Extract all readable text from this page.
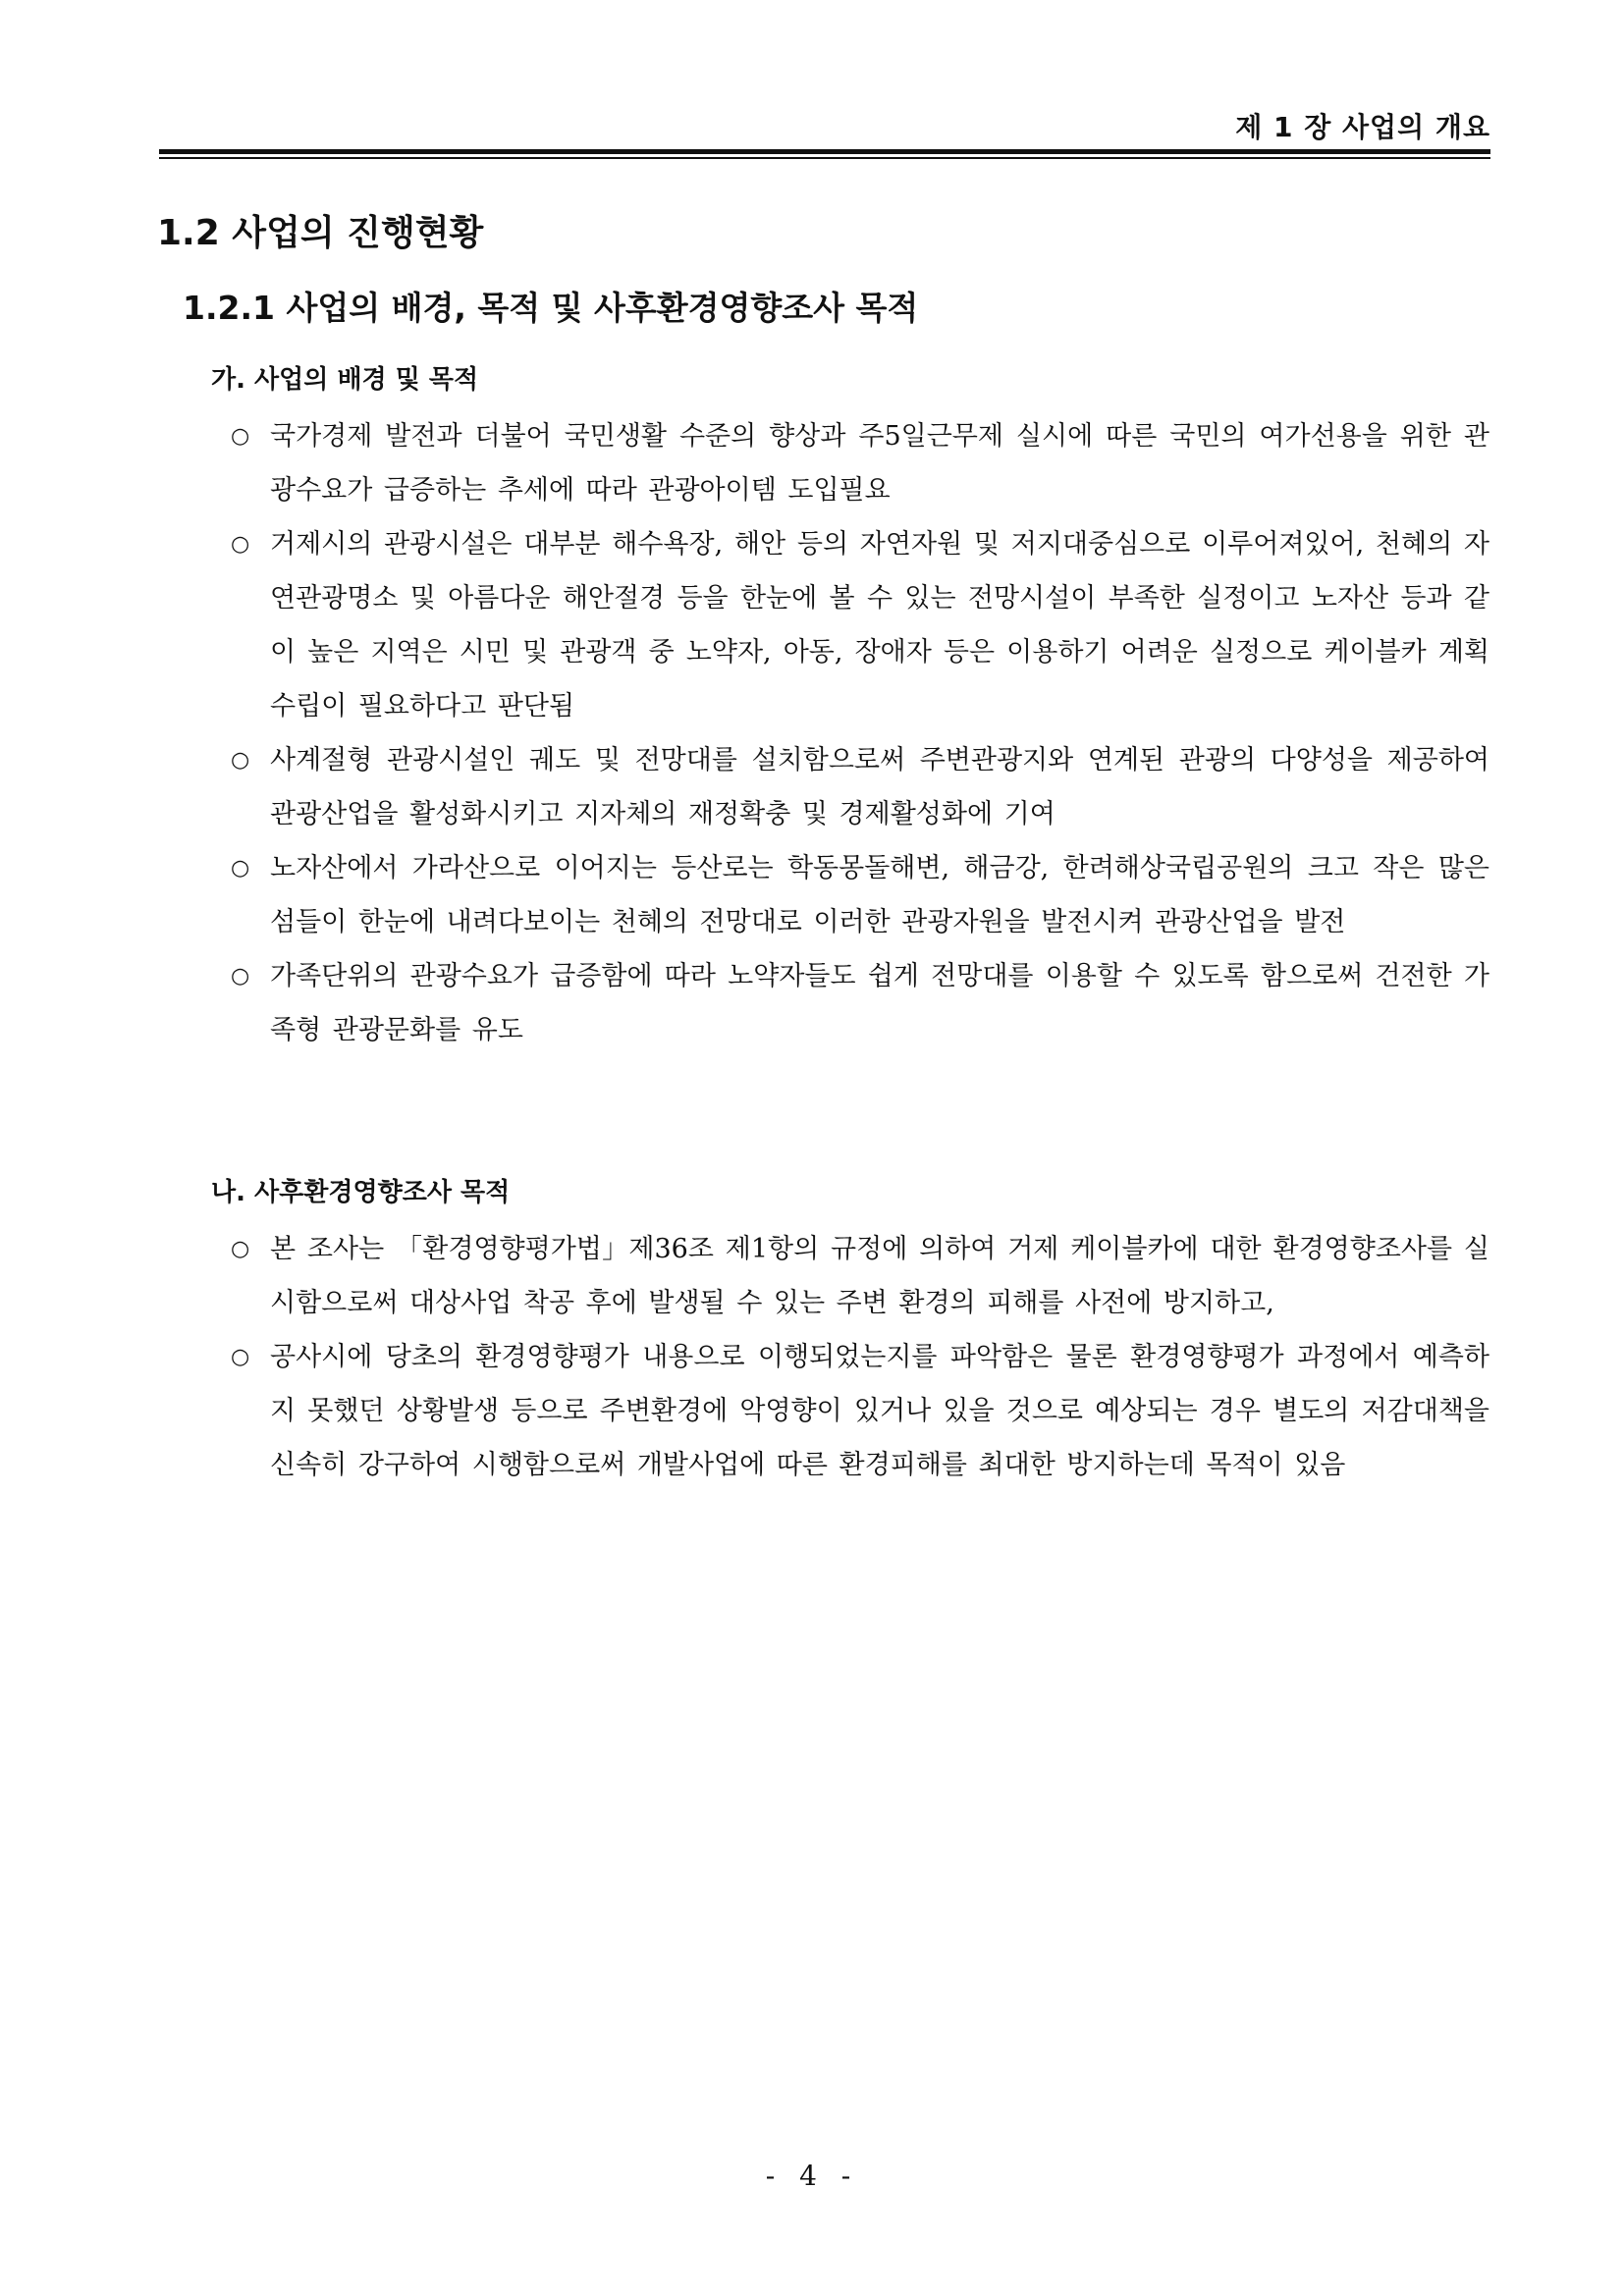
제 1 장 사업의 개요
1.2 사업의 진행현황
1.2.1 사업의 배경, 목적 및 사후환경영향조사 목적
가. 사업의 배경 및 목적
○ 국가경제 발전과 더불어 국민생활 수준의 향상과 주5일근무제 실시에 따른 국민의 여가선용을 위한 관광수요가 급증하는 추세에 따라 관광아이템 도입필요
○ 거제시의 관광시설은 대부분 해수욕장, 해안 등의 자연자원 및 저지대중심으로 이루어져있어, 천혜의 자연관광명소 및 아름다운 해안절경 등을 한눈에 볼 수 있는 전망시설이 부족한 실정이고 노자산 등과 같이 높은 지역은 시민 및 관광객 중 노약자, 아동, 장애자 등은 이용하기 어려운 실정으로 케이블카 계획수립이 필요하다고 판단됨
○ 사계절형 관광시설인 궤도 및 전망대를 설치함으로써 주변관광지와 연계된 관광의 다양성을 제공하여 관광산업을 활성화시키고 지자체의 재정확충 및 경제활성화에 기여
○ 노자산에서 가라산으로 이어지는 등산로는 학동몽돌해변, 해금강, 한려해상국립공원의 크고 작은 많은 섬들이 한눈에 내려다보이는 천혜의 전망대로 이러한 관광자원을 발전시켜 관광산업을 발전
○ 가족단위의 관광수요가 급증함에 따라 노약자들도 쉽게 전망대를 이용할 수 있도록 함으로써 건전한 가족형 관광문화를 유도
나. 사후환경영향조사 목적
○ 본 조사는 「환경영향평가법」제36조 제1항의 규정에 의하여 거제 케이블카에 대한 환경영향조사를 실시함으로써 대상사업 착공 후에 발생될 수 있는 주변 환경의 피해를 사전에 방지하고,
○ 공사시에 당초의 환경영향평가 내용으로 이행되었는지를 파악함은 물론 환경영향평가 과정에서 예측하지 못했던 상황발생 등으로 주변환경에 악영향이 있거나 있을 것으로 예상되는 경우 별도의 저감대책을 신속히 강구하여 시행함으로써 개발사업에 따른 환경피해를 최대한 방지하는데 목적이 있음
- 4 -
